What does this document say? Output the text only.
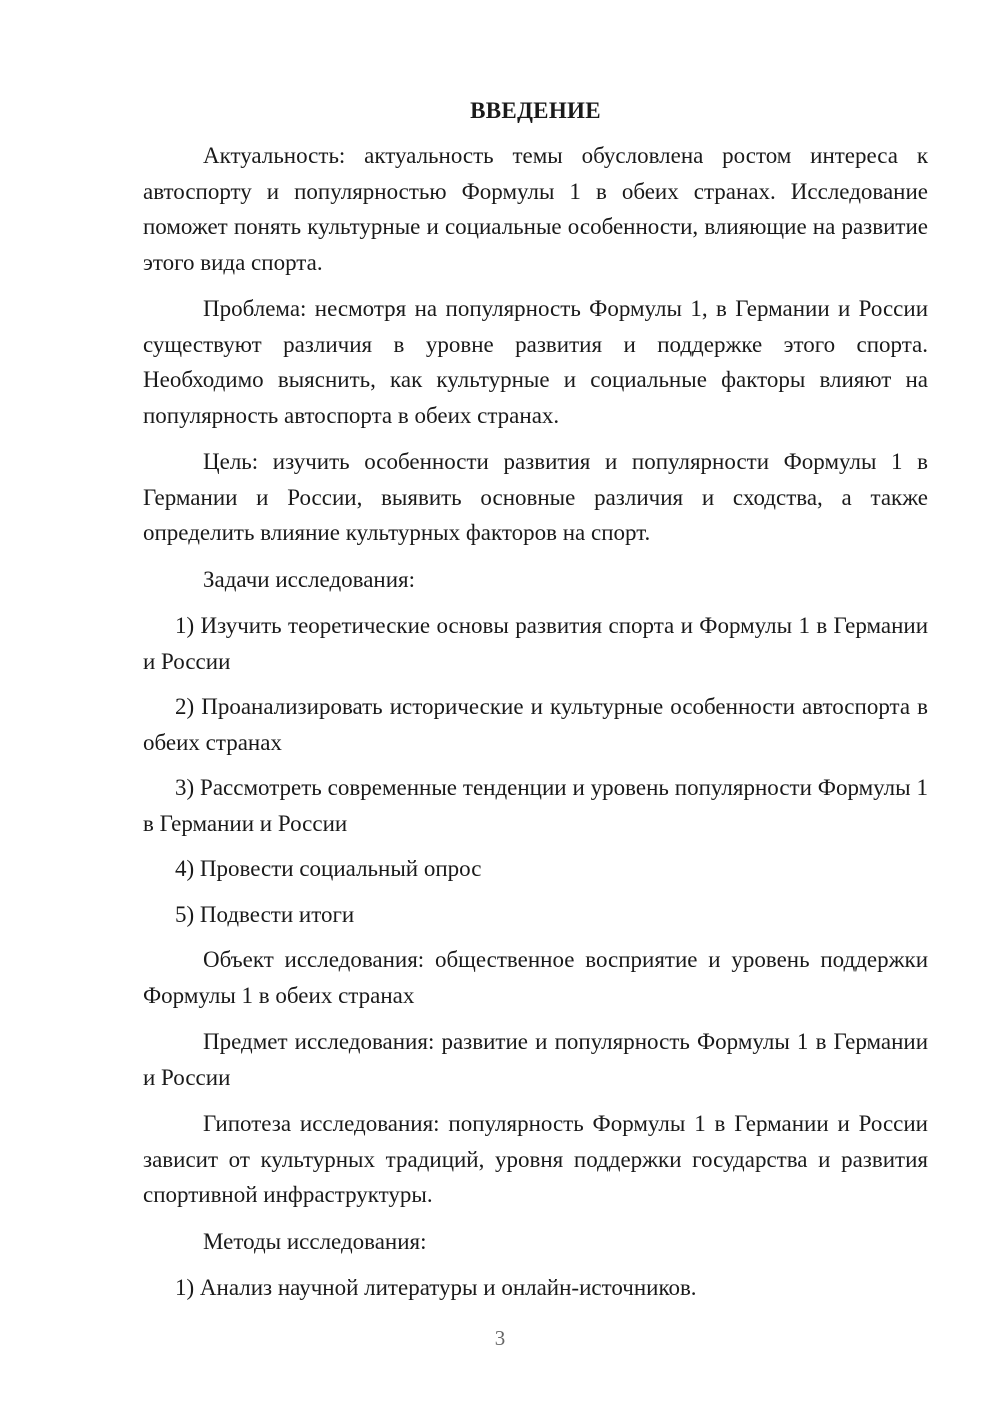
ВВЕДЕНИЕ

Актуальность: актуальность темы обусловлена ростом интереса к автоспорту и популярностью Формулы 1 в обеих странах. Исследование поможет понять культурные и социальные особенности, влияющие на развитие этого вида спорта.

Проблема: несмотря на популярность Формулы 1, в Германии и России существуют различия в уровне развития и поддержке этого спорта. Необходимо выяснить, как культурные и социальные факторы влияют на популярность автоспорта в обеих странах.

Цель: изучить особенности развития и популярности Формулы 1 в Германии и России, выявить основные различия и сходства, а также определить влияние культурных факторов на спорт.

Задачи исследования:

1) Изучить теоретические основы развития спорта и Формулы 1 в Германии и России

2) Проанализировать исторические и культурные особенности автоспорта в обеих странах

3) Рассмотреть современные тенденции и уровень популярности Формулы 1 в Германии и России

4) Провести социальный опрос

5) Подвести итоги

Объект исследования: общественное восприятие и уровень поддержки Формулы 1 в обеих странах

Предмет исследования: развитие и популярность Формулы 1 в Германии и России

Гипотеза исследования: популярность Формулы 1 в Германии и России зависит от культурных традиций, уровня поддержки государства и развития спортивной инфраструктуры.

Методы исследования:

1) Анализ научной литературы и онлайн-источников.

3
